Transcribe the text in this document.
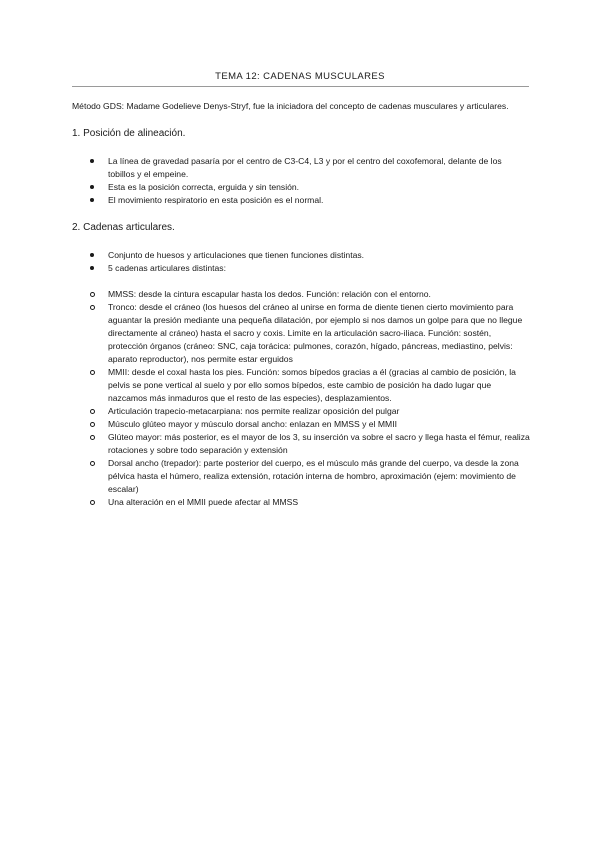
TEMA 12: CADENAS MUSCULARES

Método GDS: Madame Godelieve Denys-Stryf, fue la iniciadora del concepto de cadenas musculares y articulares.

1. Posición de alineación.
La línea de gravedad pasaría por el centro de C3-C4, L3 y por el centro del coxofemoral, delante de los tobillos y el empeine.
Esta es la posición correcta, erguida y sin tensión.
El movimiento respiratorio en esta posición es el normal.
2. Cadenas articulares.
Conjunto de huesos y articulaciones que tienen funciones distintas.
5 cadenas articulares distintas:
MMSS: desde la cintura escapular hasta los dedos. Función: relación con el entorno.
Tronco: desde el cráneo (los huesos del cráneo al unirse en forma de diente tienen cierto movimiento para aguantar la presión mediante una pequeña dilatación, por ejemplo si nos damos un golpe para que no llegue directamente al cráneo) hasta el sacro y coxis. Limite en la articulación sacro-iliaca. Función: sostén, protección órganos (cráneo: SNC, caja torácica: pulmones, corazón, hígado, páncreas, mediastino, pelvis: aparato reproductor), nos permite estar erguidos
MMII: desde el coxal hasta los pies. Función: somos bípedos gracias a él (gracias al cambio de posición, la pelvis se pone vertical al suelo y por ello somos bípedos, este cambio de posición ha dado lugar que nazcamos más inmaduros que el resto de las especies), desplazamientos.
Articulación trapecio-metacarpiana: nos permite realizar oposición del pulgar
Músculo glúteo mayor y músculo dorsal ancho: enlazan en MMSS y el MMII
Glúteo mayor: más posterior, es el mayor de los 3, su inserción va sobre el sacro y llega hasta el fémur, realiza rotaciones y sobre todo separación y extensión
Dorsal ancho (trepador): parte posterior del cuerpo, es el músculo más grande del cuerpo, va desde la zona pélvica hasta el húmero, realiza extensión, rotación interna de hombro, aproximación (ejem: movimiento de escalar)
Una alteración en el MMII puede afectar al MMSS
